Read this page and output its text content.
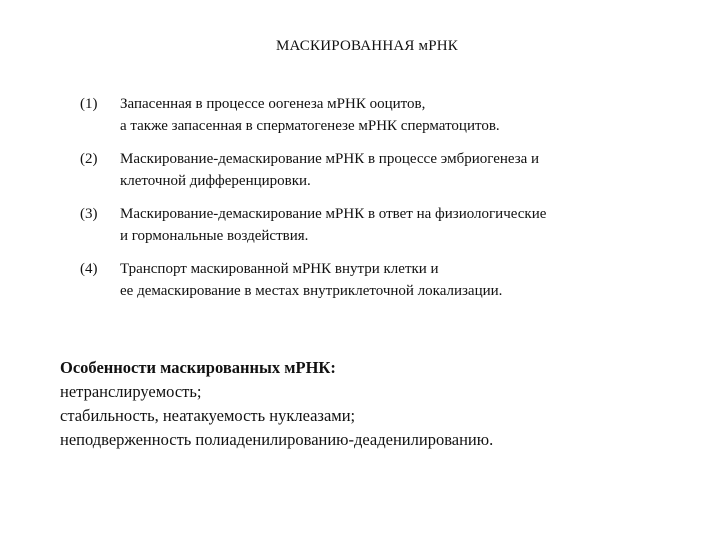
МАСКИРОВАННАЯ мРНК
(1)	Запасенная в процессе оогенеза мРНК ооцитов,
а также запасенная в сперматогенезе мРНК сперматоцитов.
(2)	Маскирование-демаскирование мРНК в процессе эмбриогенеза и
клеточной дифференцировки.
(3)	Маскирование-демаскирование мРНК в ответ на физиологические
и гормональные воздействия.
(4)	Транспорт маскированной мРНК внутри клетки и
ее демаскирование в местах внутриклеточной локализации.
Особенности маскированных мРНК:
нетранслируемость;
стабильность, неатакуемость нуклеазами;
неподверженность полиаденилированию-деаденилированию.
